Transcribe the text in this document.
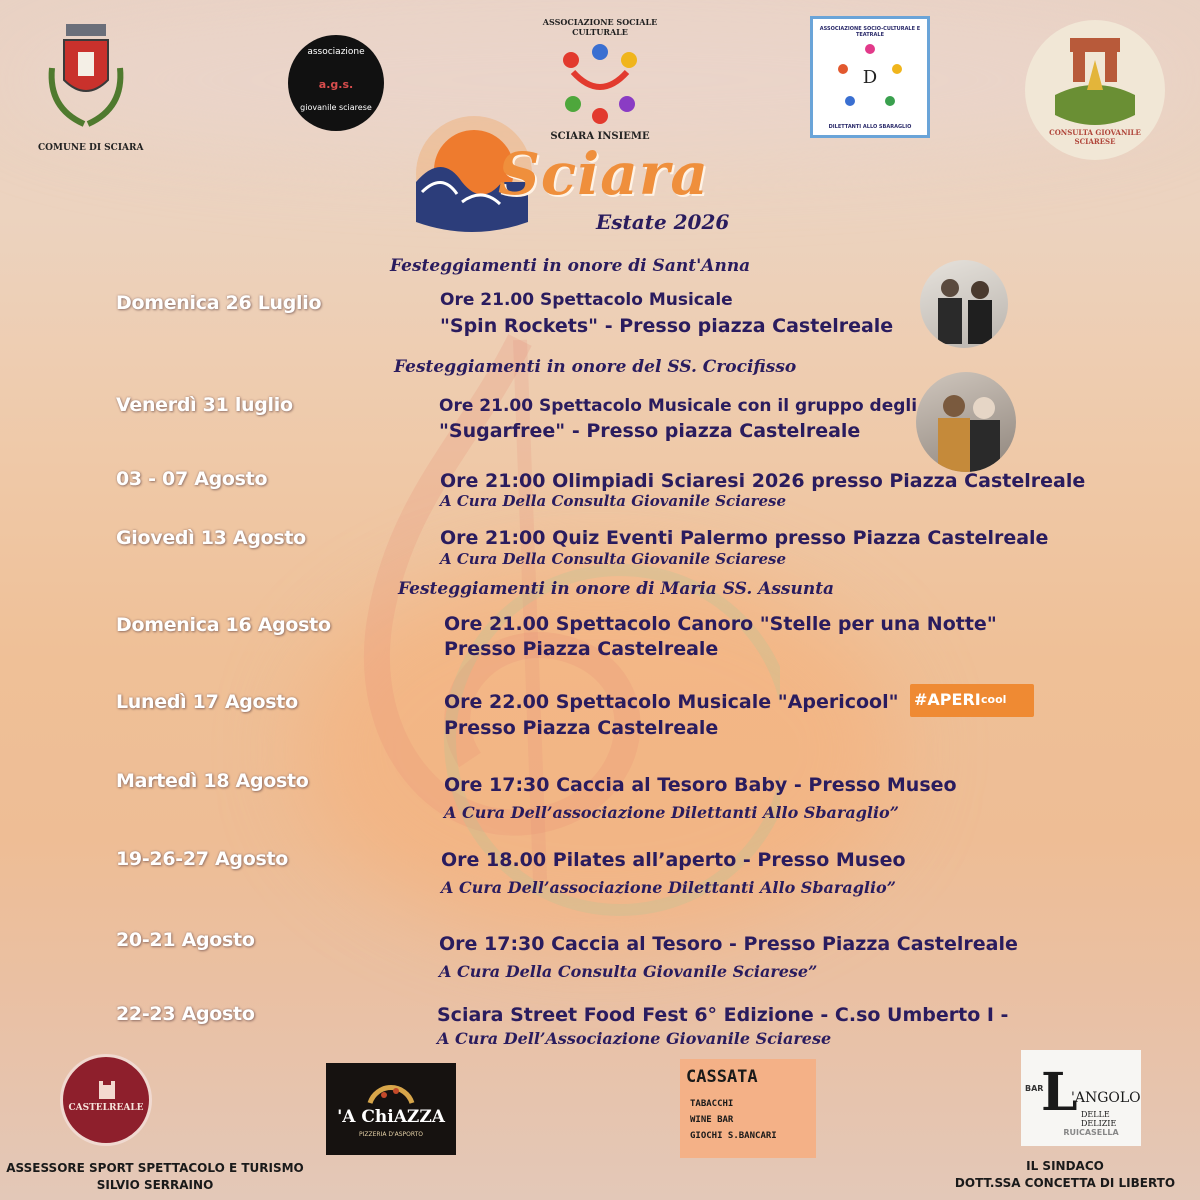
COMUNE DI SCIARA
associazione
a.g.s.
giovanile sciarese
ASSOCIAZIONE SOCIALE CULTURALE
SCIARA INSIEME
ASSOCIAZIONE SOCIO-CULTURALE E TEATRALE
D
DILETTANTI ALLO SBARAGLIO
CONSULTA GIOVANILE SCIARESE
Sciara
Estate 2026
Festeggiamenti in onore di Sant'Anna
Festeggiamenti in onore del SS. Crocifisso
Festeggiamenti in onore di Maria SS. Assunta
Domenica 26 Luglio	Ore 21.00 Spettacolo Musicale
"Spin Rockets" - Presso piazza Castelreale
Venerdì 31 luglio	Ore 21.00 Spettacolo Musicale con il gruppo degli
"Sugarfree" - Presso piazza Castelreale
03 - 07 Agosto	Ore 21:00 Olimpiadi Sciaresi 2026 presso Piazza Castelreale
A Cura Della Consulta Giovanile Sciarese
Giovedì 13 Agosto	Ore 21:00 Quiz Eventi Palermo presso Piazza Castelreale
A Cura Della Consulta Giovanile Sciarese
Domenica 16 Agosto	Ore 21.00 Spettacolo Canoro "Stelle per una Notte"
Presso Piazza Castelreale
Lunedì 17 Agosto	Ore 22.00 Spettacolo Musicale "Apericool"
Presso Piazza Castelreale
#APERI cool
Martedì 18 Agosto	Ore 17:30 Caccia al Tesoro Baby - Presso Museo
A Cura Dell’associazione Dilettanti Allo Sbaraglio”
19-26-27 Agosto	Ore 18.00 Pilates all’aperto - Presso Museo
A Cura Dell’associazione Dilettanti Allo Sbaraglio”
20-21 Agosto	Ore 17:30 Caccia al Tesoro - Presso Piazza Castelreale
A Cura Della Consulta Giovanile Sciarese”
22-23 Agosto	Sciara Street Food Fest 6° Edizione - C.so Umberto I -
A Cura Dell’Associazione Giovanile Sciarese
CASTELREALE	'A ChiAZZA
PIZZERIA D'ASPORTO
CASSATA
TABACCHI
WINE BAR
GIOCHI S.BANCARI
BAR
L
'ANGOLO
DELLE DELIZIE
RUICASELLA
ASSESSORE SPORT SPETTACOLO E TURISMO
SILVIO SERRAINO
IL SINDACO
DOTT.SSA CONCETTA DI LIBERTO
